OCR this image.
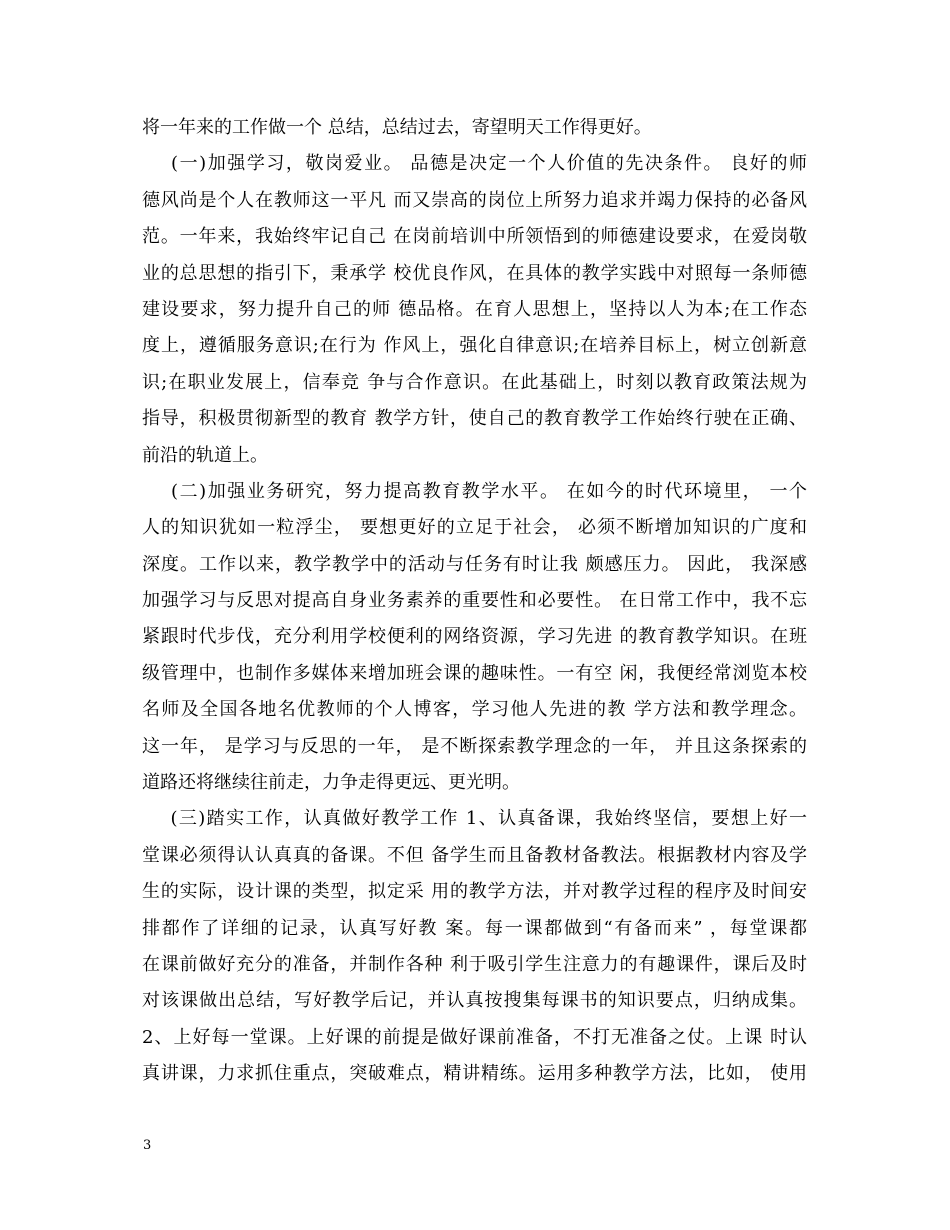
将一年来的工作做一个 总结，总结过去，寄望明天工作得更好。
(一)加强学习，敬岗爱业。 品德是决定一个人价值的先决条件。 良好的师
德风尚是个人在教师这一平凡 而又崇高的岗位上所努力追求并竭力保持的必备风
范。一年来，我始终牢记自己 在岗前培训中所领悟到的师德建设要求，在爱岗敬
业的总思想的指引下，秉承学 校优良作风，在具体的教学实践中对照每一条师德
建设要求，努力提升自己的师 德品格。在育人思想上，坚持以人为本;在工作态
度上，遵循服务意识;在行为 作风上，强化自律意识;在培养目标上，树立创新意
识;在职业发展上，信奉竞 争与合作意识。在此基础上，时刻以教育政策法规为
指导，积极贯彻新型的教育 教学方针，使自己的教育教学工作始终行驶在正确、
前沿的轨道上。
(二)加强业务研究，努力提高教育教学水平。 在如今的时代环境里， 一个
人的知识犹如一粒浮尘， 要想更好的立足于社会， 必须不断增加知识的广度和
深度。工作以来，教学教学中的活动与任务有时让我 颇感压力。 因此， 我深感
加强学习与反思对提高自身业务素养的重要性和必要性。 在日常工作中，我不忘
紧跟时代步伐，充分利用学校便利的网络资源，学习先进 的教育教学知识。在班
级管理中，也制作多媒体来增加班会课的趣味性。一有空 闲，我便经常浏览本校
名师及全国各地名优教师的个人博客，学习他人先进的教 学方法和教学理念。
这一年， 是学习与反思的一年， 是不断探索教学理念的一年， 并且这条探索的
道路还将继续往前走，力争走得更远、更光明。
(三)踏实工作，认真做好教学工作 1、认真备课，我始终坚信，要想上好一
堂课必须得认认真真的备课。不但 备学生而且备教材备教法。根据教材内容及学
生的实际，设计课的类型，拟定采 用的教学方法，并对教学过程的程序及时间安
排都作了详细的记录，认真写好教 案。每一课都做到“有备而来” ，每堂课都
在课前做好充分的准备，并制作各种 利于吸引学生注意力的有趣课件，课后及时
对该课做出总结，写好教学后记，并认真按搜集每课书的知识要点，归纳成集。
2、上好每一堂课。上好课的前提是做好课前准备，不打无准备之仗。上课 时认
真讲课，力求抓住重点，突破难点，精讲精练。运用多种教学方法，比如， 使用
3
